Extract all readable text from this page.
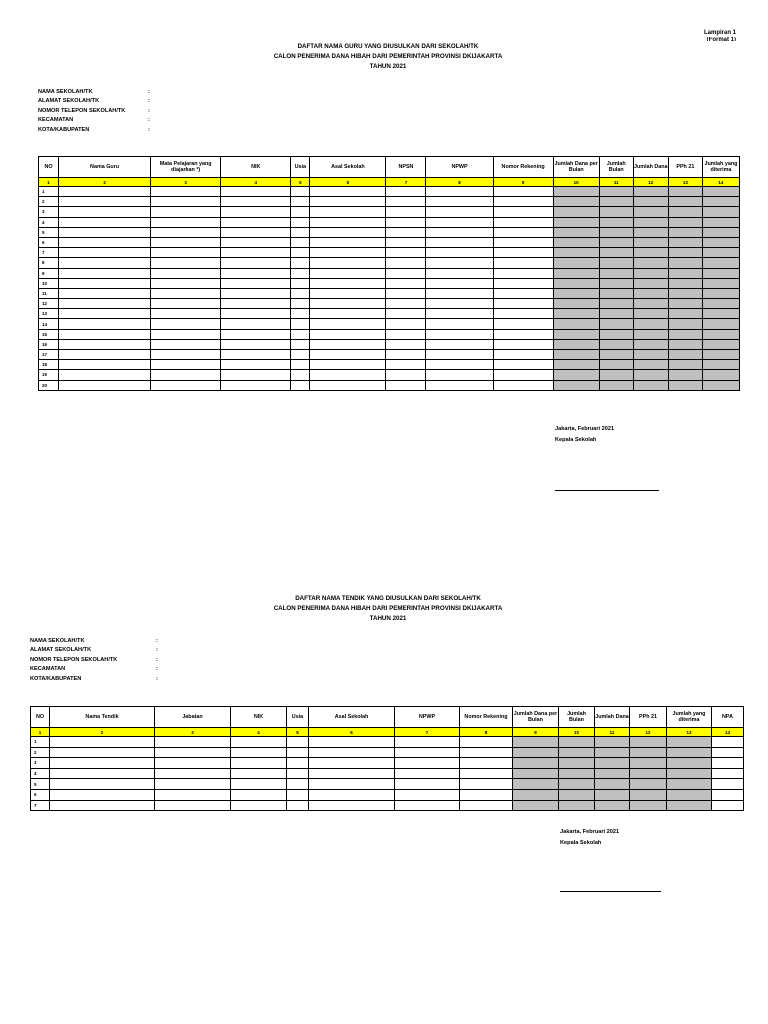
Lampiran 1
(Format 1)
DAFTAR NAMA GURU YANG DIUSULKAN DARI SEKOLAH/TK
CALON PENERIMA DANA HIBAH DARI PEMERINTAH PROVINSI DKIJAKARTA
TAHUN 2021
NAMA SEKOLAH/TK	:
ALAMAT SEKOLAH/TK	:
NOMOR TELEPON SEKOLAH/TK	:
KECAMATAN	:
KOTA/KABUPATEN	:
NO	Nama Guru	Mata Pelajaran yang diajarkan *)	NIK	Usia	Asal Sekolah	NPSN	NPWP	Nomor Rekening	Jumlah Dana per Bulan	Jumlah Bulan	Jumlah Dana	PPh 21	Jumlah yang diterima
1	2	3	4	5	6	7	8	9	10	11	12	13	14
1													
2													
3													
4													
5													
6													
7													
8													
9													
10													
11													
12													
13													
14													
15													
16													
17													
18													
19													
20													
Jakarta, Februari 2021
Kepala Sekolah
DAFTAR NAMA TENDIK YANG DIUSULKAN DARI SEKOLAH/TK
CALON PENERIMA DANA HIBAH DARI PEMERINTAH PROVINSI DKIJAKARTA
TAHUN 2021
NAMA SEKOLAH/TK	:
ALAMAT SEKOLAH/TK	:
NOMOR TELEPON SEKOLAH/TK	:
KECAMATAN	:
KOTA/KABUPATEN	:
NO	Nama Tendik	Jabatan	NIK	Usia	Asal Sekolah	NPWP	Nomor Rekening	Jumlah Dana per Bulan	Jumlah Bulan	Jumlah Dana	PPh 21	Jumlah yang diterima	NPA
1	2	3	4	5	6	7	8	9	10	11	12	13	14
1													
2													
3													
4													
5													
6													
7													
Jakarta, Februari 2021
Kepala Sekolah
